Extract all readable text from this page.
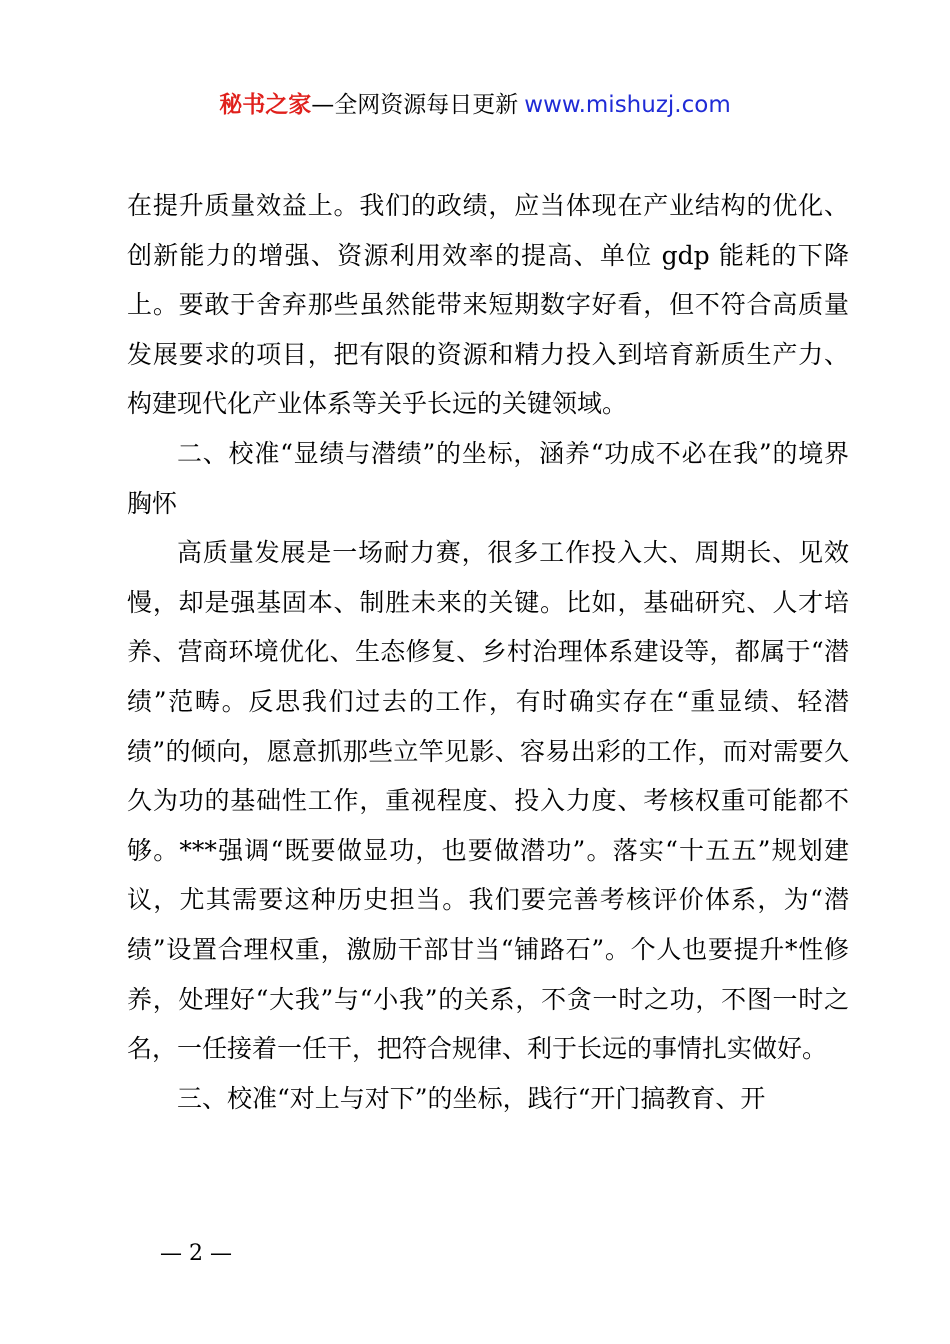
秘书之家—全网资源每日更新 www.mishuzj.com

在提升质量效益上。我们的政绩，应当体现在产业结构的优化、创新能力的增强、资源利用效率的提高、单位 gdp 能耗的下降上。要敢于舍弃那些虽然能带来短期数字好看，但不符合高质量发展要求的项目，把有限的资源和精力投入到培育新质生产力、构建现代化产业体系等关乎长远的关键领域。

二、校准“显绩与潜绩”的坐标，涵养“功成不必在我”的境界胸怀

高质量发展是一场耐力赛，很多工作投入大、周期长、见效慢，却是强基固本、制胜未来的关键。比如，基础研究、人才培养、营商环境优化、生态修复、乡村治理体系建设等，都属于“潜绩”范畴。反思我们过去的工作，有时确实存在“重显绩、轻潜绩”的倾向，愿意抓那些立竿见影、容易出彩的工作，而对需要久久为功的基础性工作，重视程度、投入力度、考核权重可能都不够。***强调“既要做显功，也要做潜功”。落实“十五五”规划建议，尤其需要这种历史担当。我们要完善考核评价体系，为“潜绩”设置合理权重，激励干部甘当“铺路石”。个人也要提升*性修养，处理好“大我”与“小我”的关系，不贪一时之功，不图一时之名，一任接着一任干，把符合规律、利于长远的事情扎实做好。

三、校准“对上与对下”的坐标，践行“开门搞教育、开

— 2 —
